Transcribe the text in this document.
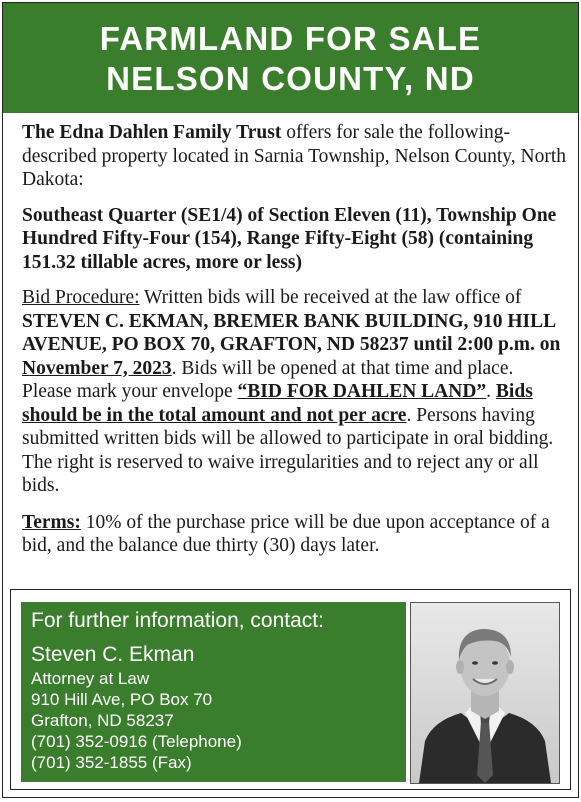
FARMLAND FOR SALE
NELSON COUNTY, ND

The Edna Dahlen Family Trust offers for sale the following-described property located in Sarnia Township, Nelson County, North Dakota:

Southeast Quarter (SE1/4) of Section Eleven (11), Township One Hundred Fifty-Four (154), Range Fifty-Eight (58) (containing 151.32 tillable acres, more or less)

Bid Procedure: Written bids will be received at the law office of STEVEN C. EKMAN, BREMER BANK BUILDING, 910 HILL AVENUE, PO BOX 70, GRAFTON, ND 58237 until 2:00 p.m. on November 7, 2023. Bids will be opened at that time and place. Please mark your envelope “BID FOR DAHLEN LAND”. Bids should be in the total amount and not per acre. Persons having submitted written bids will be allowed to participate in oral bidding. The right is reserved to waive irregularities and to reject any or all bids.

Terms: 10% of the purchase price will be due upon acceptance of a bid, and the balance due thirty (30) days later.

For further information, contact:
Steven C. Ekman
Attorney at Law
910 Hill Ave, PO Box 70
Grafton, ND 58237
(701) 352-0916 (Telephone)
(701) 352-1855 (Fax)
